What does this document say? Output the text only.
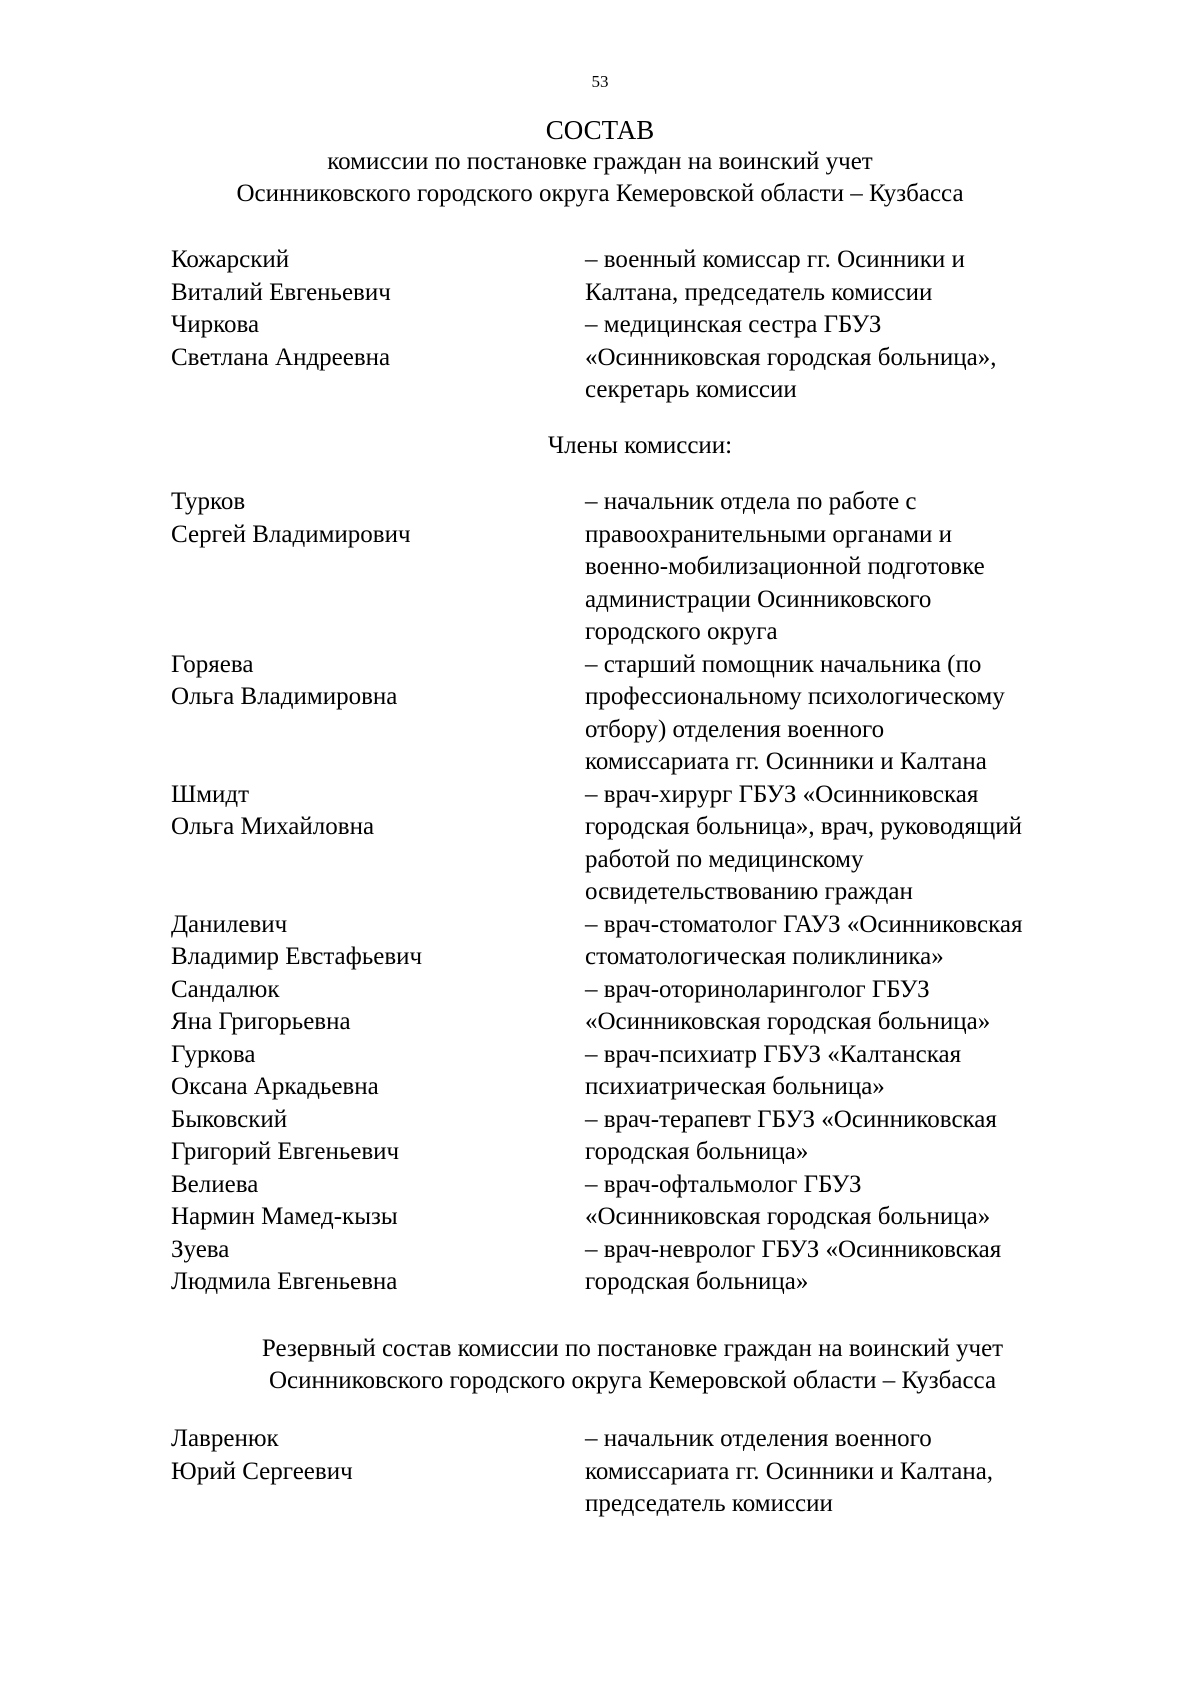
53
СОСТАВ
комиссии по постановке граждан на воинский учет
Осинниковского городского округа Кемеровской области – Кузбасса
Кожарский
Виталий Евгеньевич
– военный комиссар гг. Осинники и
Калтана, председатель комиссии
Чиркова
Светлана Андреевна
– медицинская сестра ГБУЗ
«Осинниковская городская больница»,
секретарь комиссии
Члены комиссии:
Турков
Сергей Владимирович
– начальник отдела по работе с
правоохранительными органами и
военно-мобилизационной подготовке
администрации Осинниковского
городского округа
Горяева
Ольга Владимировна
– старший помощник начальника (по
профессиональному психологическому
отбору) отделения военного
комиссариата гг. Осинники и Калтана
Шмидт
Ольга Михайловна
– врач-хирург ГБУЗ «Осинниковская
городская больница», врач, руководящий
работой по медицинскому
освидетельствованию граждан
Данилевич
Владимир Евстафьевич
– врач-стоматолог ГАУЗ «Осинниковская
стоматологическая поликлиника»
Сандалюк
Яна Григорьевна
– врач-оториноларинголог ГБУЗ
«Осинниковская городская больница»
Гуркова
Оксана Аркадьевна
– врач-психиатр ГБУЗ «Калтанская
психиатрическая больница»
Быковский
Григорий Евгеньевич
– врач-терапевт ГБУЗ «Осинниковская
городская больница»
Велиева
Нармин Мамед-кызы
– врач-офтальмолог ГБУЗ
«Осинниковская городская больница»
Зуева
Людмила Евгеньевна
– врач-невролог ГБУЗ «Осинниковская
городская больница»
Резервный состав комиссии по постановке граждан на воинский учет
Осинниковского городского округа Кемеровской области – Кузбасса
Лавренюк
Юрий Сергеевич
– начальник отделения военного
комиссариата гг. Осинники и Калтана,
председатель комиссии
